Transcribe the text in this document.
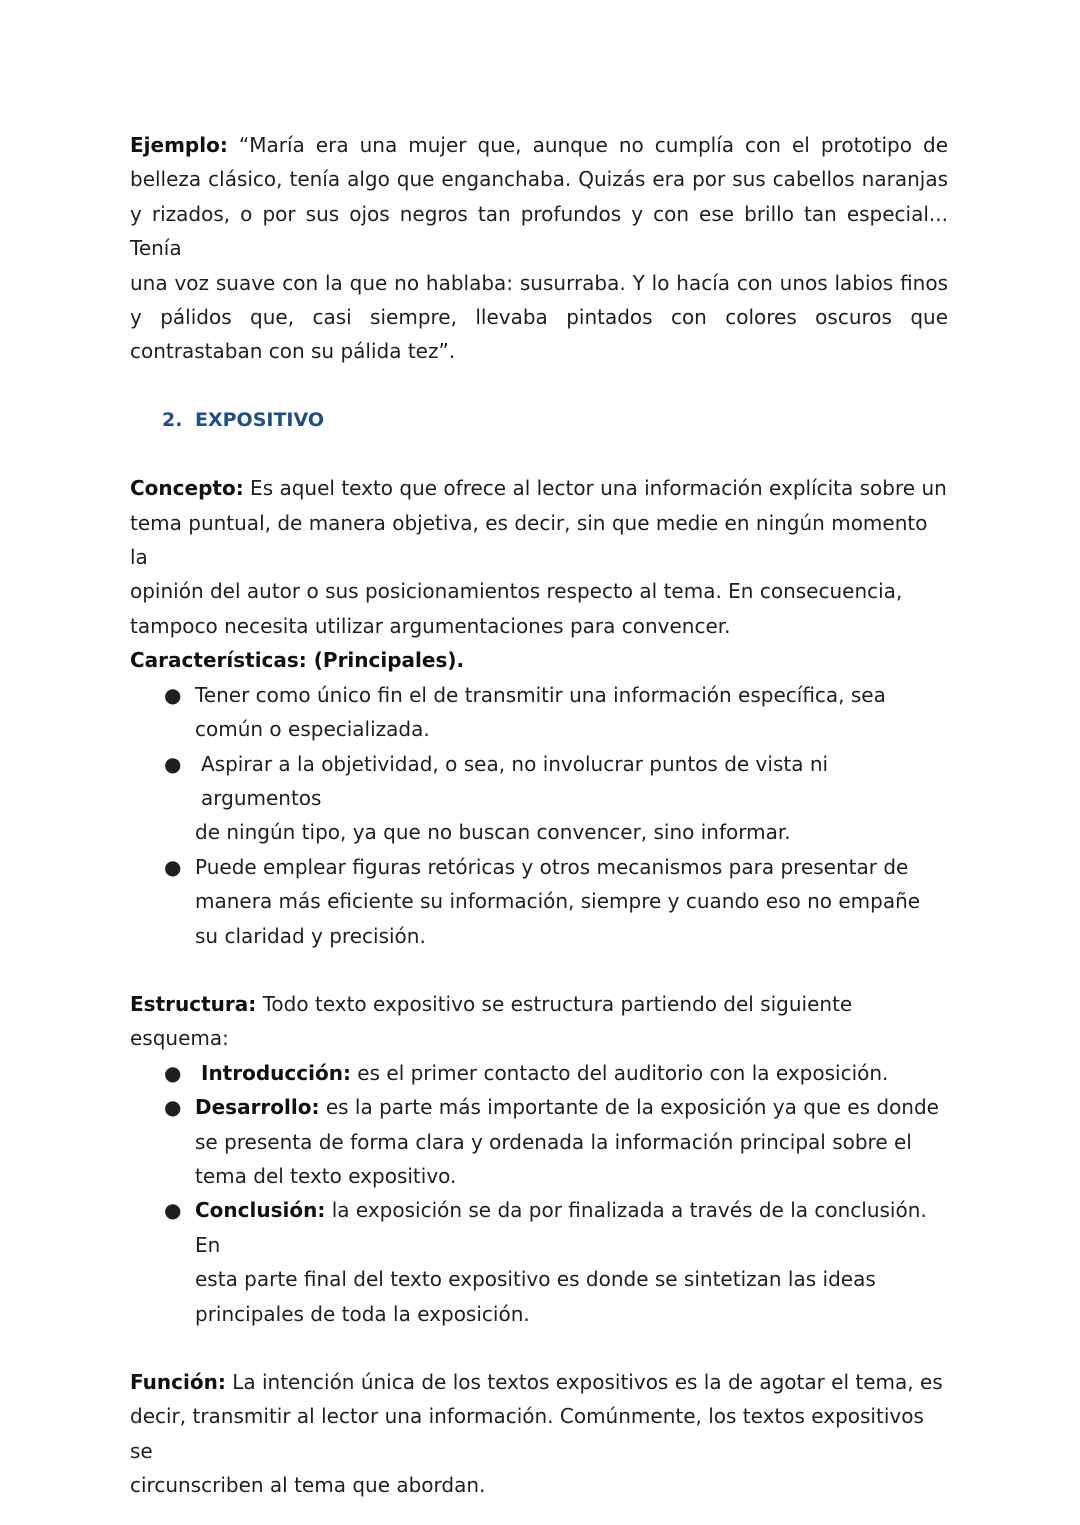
Ejemplo: “María era una mujer que, aunque no cumplía con el prototipo de

belleza clásico, tenía algo que enganchaba. Quizás era por sus cabellos naranjas

y rizados, o por sus ojos negros tan profundos y con ese brillo tan especial... Tenía

una voz suave con la que no hablaba: susurraba. Y lo hacía con unos labios finos

y pálidos que, casi siempre, llevaba pintados con colores oscuros que

contrastaban con su pálida tez”.

2. EXPOSITIVO

Concepto: Es aquel texto que ofrece al lector una información explícita sobre un

tema puntual, de manera objetiva, es decir, sin que medie en ningún momento la

opinión del autor o sus posicionamientos respecto al tema. En consecuencia,

tampoco necesita utilizar argumentaciones para convencer.

Características: (Principales).

● Tener como único fin el de transmitir una información específica, sea
común o especializada.
● Aspirar a la objetividad, o sea, no involucrar puntos de vista ni argumentos
de ningún tipo, ya que no buscan convencer, sino informar.
● Puede emplear figuras retóricas y otros mecanismos para presentar de
manera más eficiente su información, siempre y cuando eso no empañe
su claridad y precisión.

Estructura: Todo texto expositivo se estructura partiendo del siguiente esquema:

● Introducción: es el primer contacto del auditorio con la exposición.
● Desarrollo: es la parte más importante de la exposición ya que es donde
se presenta de forma clara y ordenada la información principal sobre el
tema del texto expositivo.
● Conclusión: la exposición se da por finalizada a través de la conclusión. En
esta parte final del texto expositivo es donde se sintetizan las ideas
principales de toda la exposición.

Función: La intención única de los textos expositivos es la de agotar el tema, es

decir, transmitir al lector una información. Comúnmente, los textos expositivos se

circunscriben al tema que abordan.
